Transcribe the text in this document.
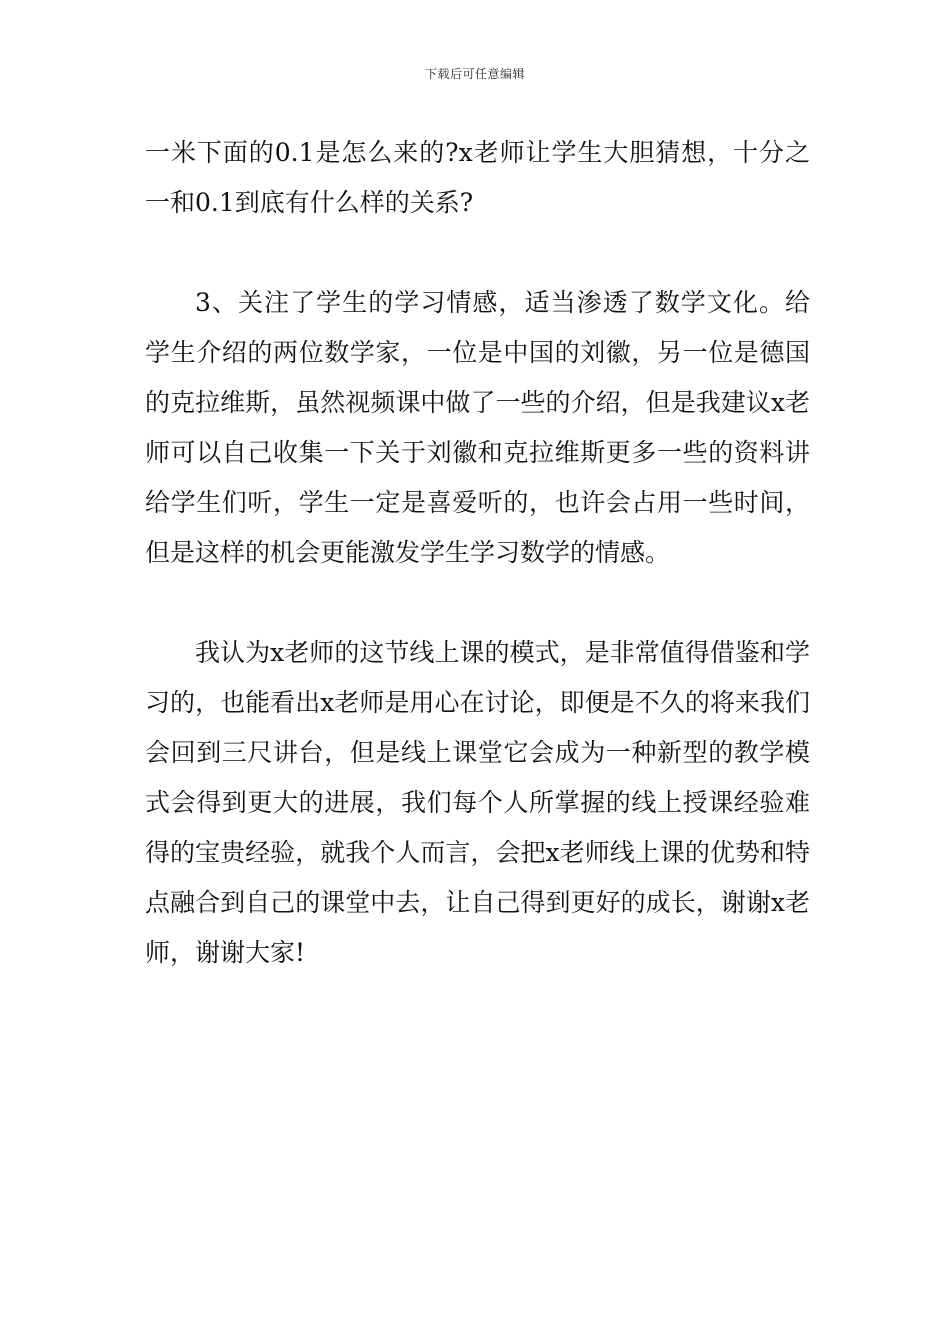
下载后可任意编辑

一米下面的0.1是怎么来的?x老师让学生大胆猜想，十分之一和0.1到底有什么样的关系?

3、关注了学生的学习情感，适当渗透了数学文化。给学生介绍的两位数学家，一位是中国的刘徽，另一位是德国的克拉维斯，虽然视频课中做了一些的介绍，但是我建议x老师可以自己收集一下关于刘徽和克拉维斯更多一些的资料讲给学生们听，学生一定是喜爱听的，也许会占用一些时间，但是这样的机会更能激发学生学习数学的情感。

我认为x老师的这节线上课的模式，是非常值得借鉴和学习的，也能看出x老师是用心在讨论，即便是不久的将来我们会回到三尺讲台，但是线上课堂它会成为一种新型的教学模式会得到更大的进展，我们每个人所掌握的线上授课经验难得的宝贵经验，就我个人而言，会把x老师线上课的优势和特点融合到自己的课堂中去，让自己得到更好的成长，谢谢x老师，谢谢大家!
